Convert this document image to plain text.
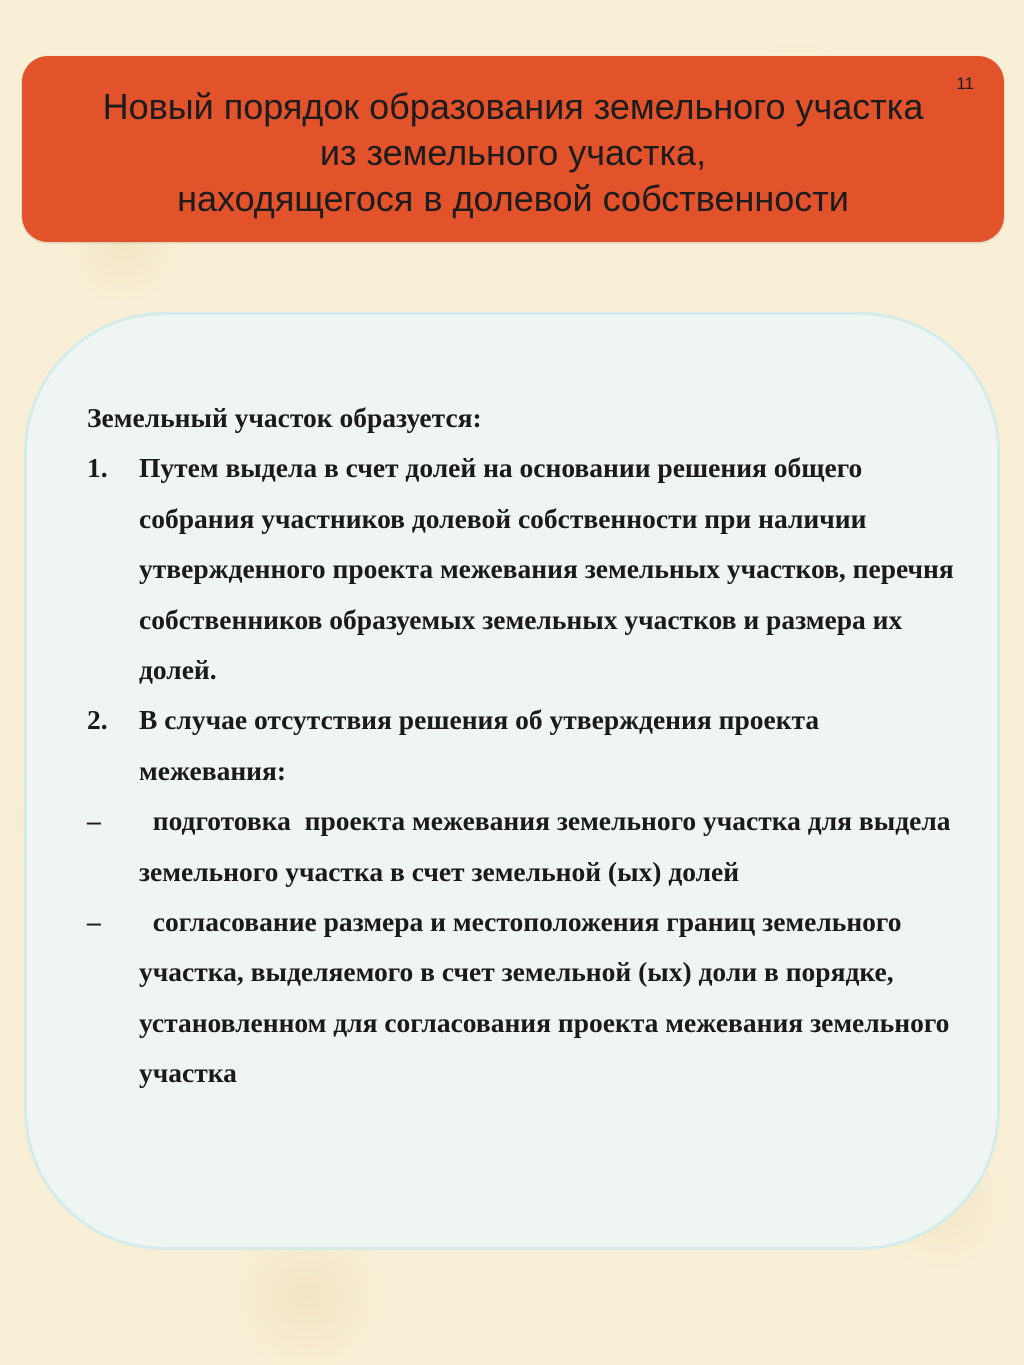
11
Новый порядок образования земельного участка
из земельного участка,
находящегося в долевой собственности

Земельный участок образуется:

1. Путем выдела в счет долей на основании решения общего собрания участников долевой собственности при наличии утвержденного проекта межевания земельных участков, перечня собственников образуемых земельных участков и размера их долей.
2. В случае отсутствия решения об утверждения проекта межевания:
– подготовка  проекта межевания земельного участка для выдела  земельного участка в счет земельной (ых) долей
– согласование размера и местоположения границ земельного участка, выделяемого в счет земельной (ых) доли в порядке, установленном для согласования проекта межевания земельного участка
